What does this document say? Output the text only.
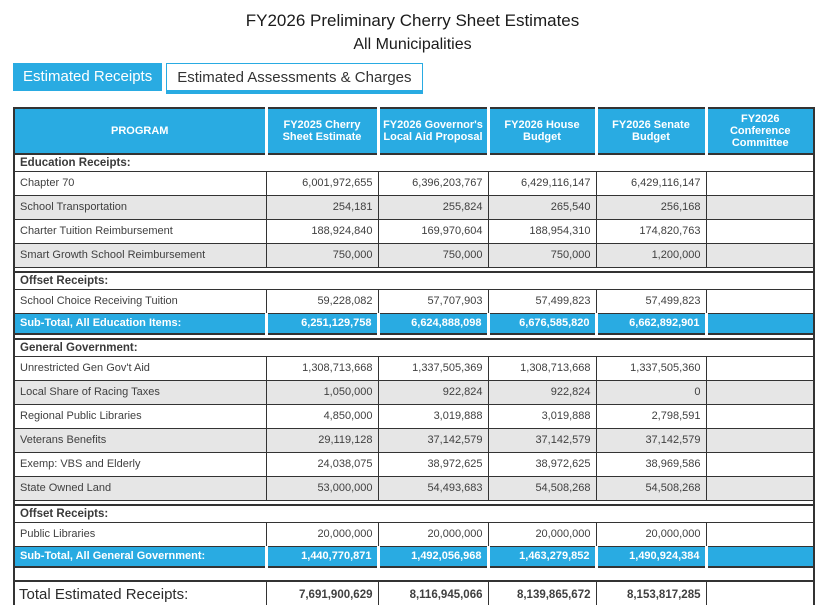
FY2026 Preliminary Cherry Sheet Estimates
All Municipalities
Estimated Receipts	Estimated Assessments & Charges
PROGRAM	FY2025 Cherry Sheet Estimate	FY2026 Governor's Local Aid Proposal	FY2026 House Budget	FY2026 Senate Budget	FY2026 Conference Committee
Education Receipts:					
Chapter 70	6,001,972,655	6,396,203,767	6,429,116,147	6,429,116,147	
School Transportation	254,181	255,824	265,540	256,168	
Charter Tuition Reimbursement	188,924,840	169,970,604	188,954,310	174,820,763	
Smart Growth School Reimbursement	750,000	750,000	750,000	1,200,000	

Offset Receipts:					
School Choice Receiving Tuition	59,228,082	57,707,903	57,499,823	57,499,823	
Sub-Total, All Education Items:	6,251,129,758	6,624,888,098	6,676,585,820	6,662,892,901	

General Government:					
Unrestricted Gen Gov't Aid	1,308,713,668	1,337,505,369	1,308,713,668	1,337,505,360	
Local Share of Racing Taxes	1,050,000	922,824	922,824	0	
Regional Public Libraries	4,850,000	3,019,888	3,019,888	2,798,591	
Veterans Benefits	29,119,128	37,142,579	37,142,579	37,142,579	
Exemp: VBS and Elderly	24,038,075	38,972,625	38,972,625	38,969,586	
State Owned Land	53,000,000	54,493,683	54,508,268	54,508,268	

Offset Receipts:					
Public Libraries	20,000,000	20,000,000	20,000,000	20,000,000	
Sub-Total, All General Government:	1,440,770,871	1,492,056,968	1,463,279,852	1,490,924,384	

Total Estimated Receipts:	7,691,900,629	8,116,945,066	8,139,865,672	8,153,817,285	
